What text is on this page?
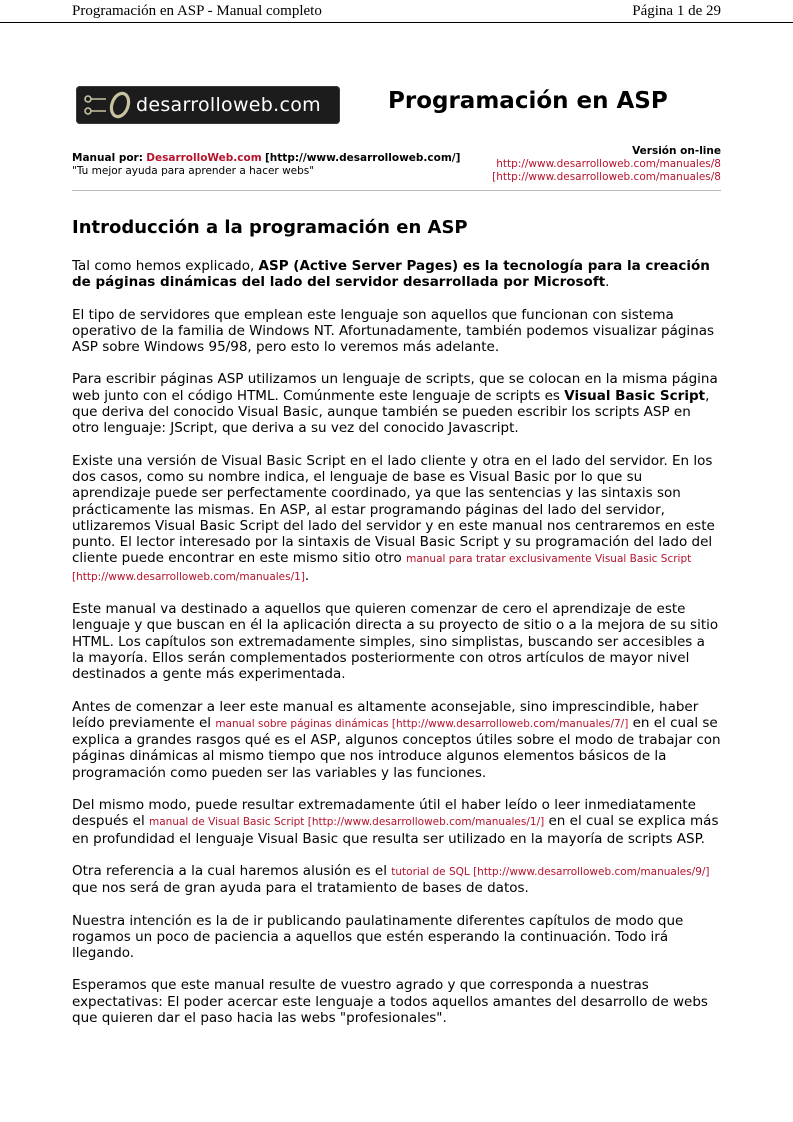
Programación en ASP - Manual completo	Página 1 de 29
desarrolloweb.com	Programación en ASP
Manual por: DesarrolloWeb.com [http://www.desarrolloweb.com/]
"Tu mejor ayuda para aprender a hacer webs"
Versión on-line
http://www.desarrolloweb.com/manuales/8
[http://www.desarrolloweb.com/manuales/8
Introducción a la programación en ASP

Tal como hemos explicado, ASP (Active Server Pages) es la tecnología para la creación de páginas dinámicas del lado del servidor desarrollada por Microsoft.

El tipo de servidores que emplean este lenguaje son aquellos que funcionan con sistema operativo de la familia de Windows NT. Afortunadamente, también podemos visualizar páginas ASP sobre Windows 95/98, pero esto lo veremos más adelante.

Para escribir páginas ASP utilizamos un lenguaje de scripts, que se colocan en la misma página web junto con el código HTML. Comúnmente este lenguaje de scripts es Visual Basic Script, que deriva del conocido Visual Basic, aunque también se pueden escribir los scripts ASP en otro lenguaje: JScript, que deriva a su vez del conocido Javascript.

Existe una versión de Visual Basic Script en el lado cliente y otra en el lado del servidor. En los dos casos, como su nombre indica, el lenguaje de base es Visual Basic por lo que su aprendizaje puede ser perfectamente coordinado, ya que las sentencias y las sintaxis son prácticamente las mismas. En ASP, al estar programando páginas del lado del servidor, utlizaremos Visual Basic Script del lado del servidor y en este manual nos centraremos en este punto. El lector interesado por la sintaxis de Visual Basic Script y su programación del lado del cliente puede encontrar en este mismo sitio otro manual para tratar exclusivamente Visual Basic Script [http://www.desarrolloweb.com/manuales/1].

Este manual va destinado a aquellos que quieren comenzar de cero el aprendizaje de este lenguaje y que buscan en él la aplicación directa a su proyecto de sitio o a la mejora de su sitio HTML. Los capítulos son extremadamente simples, sino simplistas, buscando ser accesibles a la mayoría. Ellos serán complementados posteriormente con otros artículos de mayor nivel destinados a gente más experimentada.

Antes de comenzar a leer este manual es altamente aconsejable, sino imprescindible, haber leído previamente el manual sobre páginas dinámicas [http://www.desarrolloweb.com/manuales/7/] en el cual se explica a grandes rasgos qué es el ASP, algunos conceptos útiles sobre el modo de trabajar con páginas dinámicas al mismo tiempo que nos introduce algunos elementos básicos de la programación como pueden ser las variables y las funciones.

Del mismo modo, puede resultar extremadamente útil el haber leído o leer inmediatamente después el manual de Visual Basic Script [http://www.desarrolloweb.com/manuales/1/] en el cual se explica más en profundidad el lenguaje Visual Basic que resulta ser utilizado en la mayoría de scripts ASP.

Otra referencia a la cual haremos alusión es el tutorial de SQL [http://www.desarrolloweb.com/manuales/9/] que nos será de gran ayuda para el tratamiento de bases de datos.

Nuestra intención es la de ir publicando paulatinamente diferentes capítulos de modo que rogamos un poco de paciencia a aquellos que estén esperando la continuación. Todo irá llegando.

Esperamos que este manual resulte de vuestro agrado y que corresponda a nuestras expectativas: El poder acercar este lenguaje a todos aquellos amantes del desarrollo de webs que quieren dar el paso hacia las webs "profesionales".
